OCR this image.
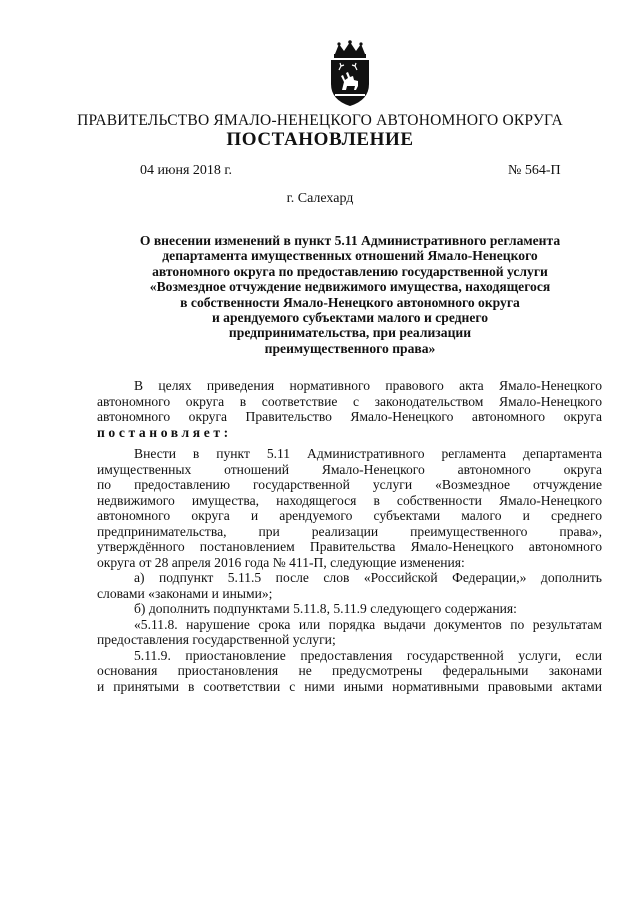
ПРАВИТЕЛЬСТВО ЯМАЛО-НЕНЕЦКОГО АВТОНОМНОГО ОКРУГА
ПОСТАНОВЛЕНИЕ
04 июня 2018 г.	№ 564-П
г. Салехард
О внесении изменений в пункт 5.11 Административного регламента
департамента имущественных отношений Ямало-Ненецкого
автономного округа по предоставлению государственной услуги
«Возмездное отчуждение недвижимого имущества, находящегося
в собственности Ямало-Ненецкого автономного округа
и арендуемого субъектами малого и среднего
предпринимательства, при реализации
преимущественного права»
В целях приведения нормативного правового акта Ямало-Ненецкого
автономного округа в соответствие с законодательством Ямало-Ненецкого
автономного округа Правительство Ямало-Ненецкого автономного округа
постановляет:
Внести в пункт 5.11 Административного регламента департамента
имущественных отношений Ямало-Ненецкого автономного округа
по предоставлению государственной услуги «Возмездное отчуждение
недвижимого имущества, находящегося в собственности Ямало-Ненецкого
автономного округа и арендуемого субъектами малого и среднего
предпринимательства, при реализации преимущественного права»,
утверждённого постановлением Правительства Ямало-Ненецкого автономного
округа от 28 апреля 2016 года № 411-П, следующие изменения:
а) подпункт 5.11.5 после слов «Российской Федерации,» дополнить
словами «законами и иными»;
б) дополнить подпунктами 5.11.8, 5.11.9 следующего содержания:
«5.11.8. нарушение срока или порядка выдачи документов по результатам
предоставления государственной услуги;
5.11.9. приостановление предоставления государственной услуги, если
основания приостановления не предусмотрены федеральными законами
и принятыми в соответствии с ними иными нормативными правовыми актами
